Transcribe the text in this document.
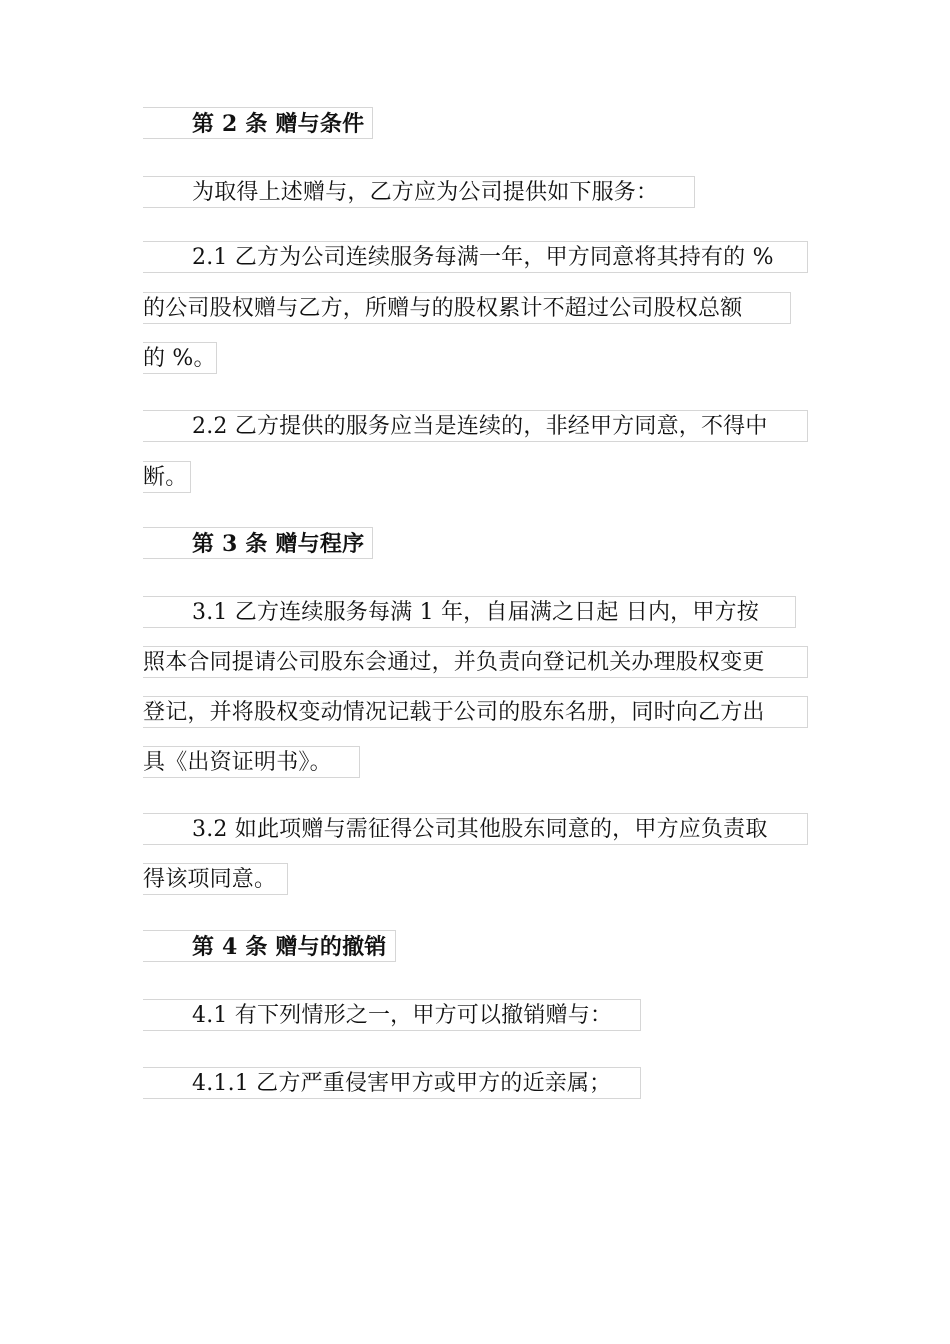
第 2 条 赠与条件
为取得上述赠与，乙方应为公司提供如下服务：
2.1 乙方为公司连续服务每满一年，甲方同意将其持有的 %
的公司股权赠与乙方，所赠与的股权累计不超过公司股权总额
的 %。
2.2 乙方提供的服务应当是连续的，非经甲方同意，不得中
断。
第 3 条 赠与程序
3.1 乙方连续服务每满 1 年，自届满之日起 日内，甲方按
照本合同提请公司股东会通过，并负责向登记机关办理股权变更
登记，并将股权变动情况记载于公司的股东名册，同时向乙方出
具《出资证明书》。
3.2 如此项赠与需征得公司其他股东同意的，甲方应负责取
得该项同意。
第 4 条 赠与的撤销
4.1 有下列情形之一，甲方可以撤销赠与：
4.1.1 乙方严重侵害甲方或甲方的近亲属；
